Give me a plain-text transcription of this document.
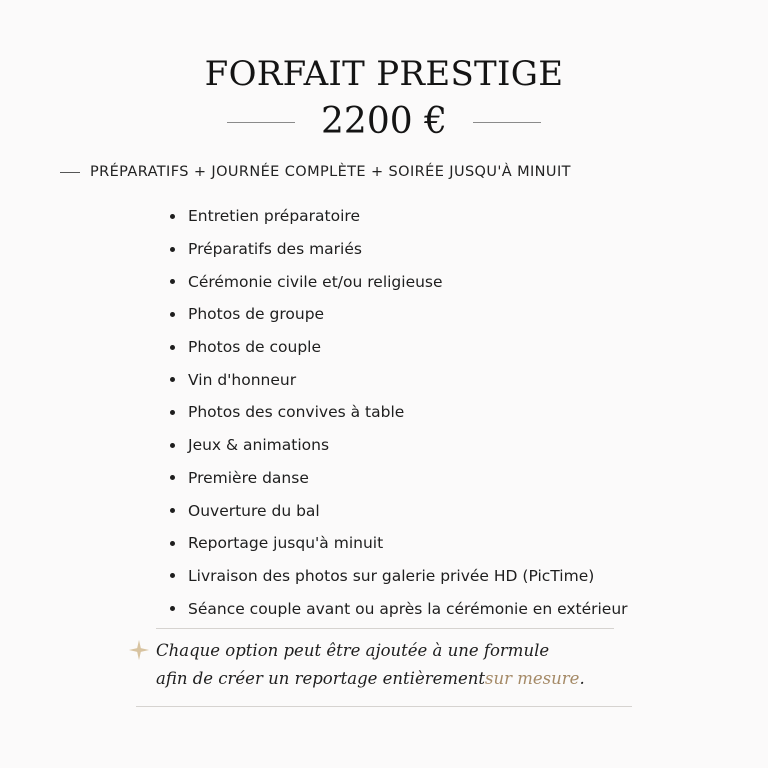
FORFAIT PRESTIGE
2200 €
PRÉPARATIFS + JOURNÉE COMPLÈTE + SOIRÉE JUSQU'À MINUIT
Entretien préparatoire
Préparatifs des mariés
Cérémonie civile et/ou religieuse
Photos de groupe
Photos de couple
Vin d'honneur
Photos des convives à table
Jeux & animations
Première danse
Ouverture du bal
Reportage jusqu'à minuit
Livraison des photos sur galerie privée HD (PicTime)
Séance couple avant ou après la cérémonie en extérieur
Chaque option peut être ajoutée à une formule
afin de créer un reportage entièrement sur mesure .
